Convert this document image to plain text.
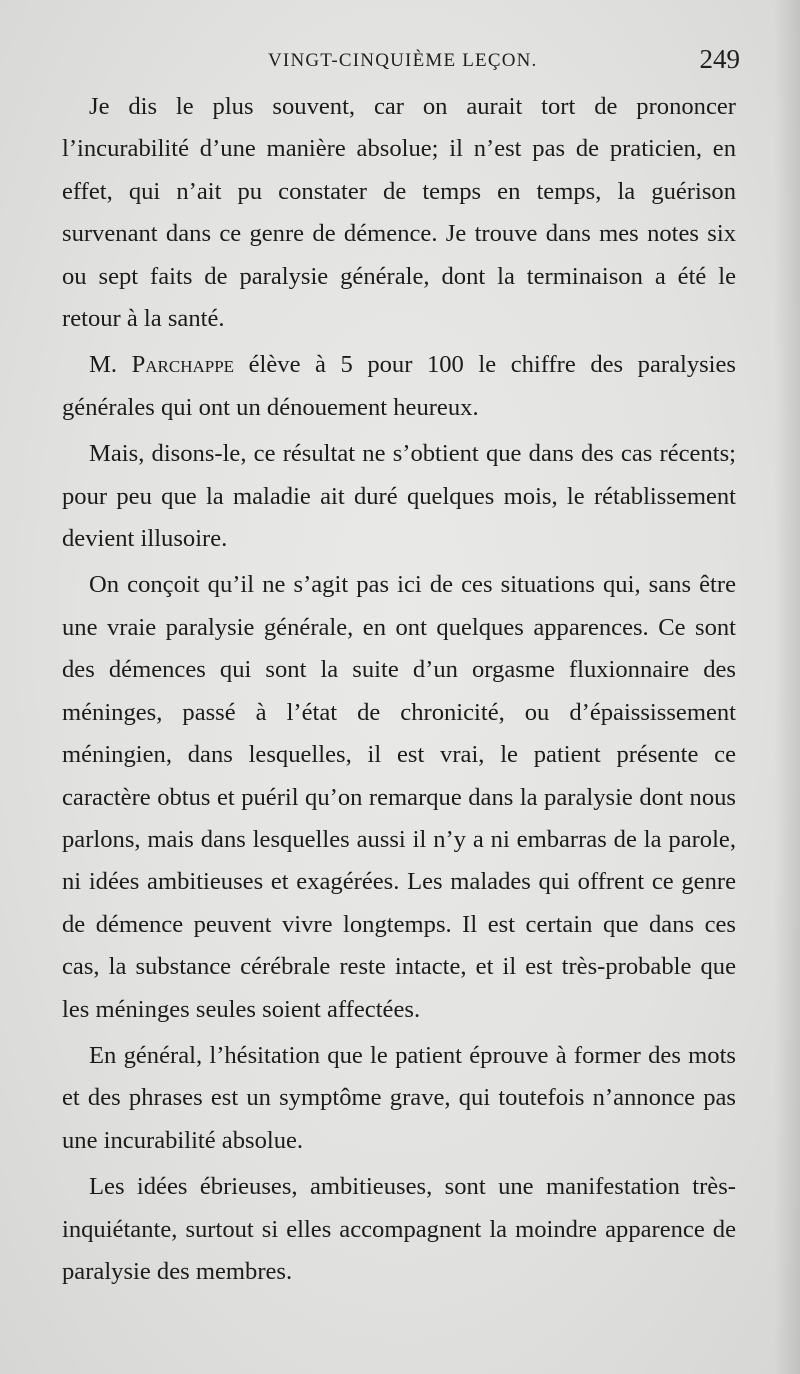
VINGT-CINQUIÈME LEÇON.	249

Je dis le plus souvent, car on aurait tort de prononcer l’incurabilité d’une manière absolue; il n’est pas de praticien, en effet, qui n’ait pu constater de temps en temps, la guérison survenant dans ce genre de démence. Je trouve dans mes notes six ou sept faits de paralysie générale, dont la terminaison a été le retour à la santé.

M. Parchappe élève à 5 pour 100 le chiffre des paralysies générales qui ont un dénouement heureux.

Mais, disons-le, ce résultat ne s’obtient que dans des cas récents; pour peu que la maladie ait duré quelques mois, le rétablissement devient illusoire.

On conçoit qu’il ne s’agit pas ici de ces situations qui, sans être une vraie paralysie générale, en ont quelques apparences. Ce sont des démences qui sont la suite d’un orgasme fluxionnaire des méninges, passé à l’état de chronicité, ou d’épaississement méningien, dans lesquelles, il est vrai, le patient présente ce caractère obtus et puéril qu’on remarque dans la paralysie dont nous parlons, mais dans lesquelles aussi il n’y a ni embarras de la parole, ni idées ambitieuses et exagérées. Les malades qui offrent ce genre de démence peuvent vivre longtemps. Il est certain que dans ces cas, la substance cérébrale reste intacte, et il est très-probable que les méninges seules soient affectées.

En général, l’hésitation que le patient éprouve à former des mots et des phrases est un symptôme grave, qui toutefois n’annonce pas une incurabilité absolue.

Les idées ébrieuses, ambitieuses, sont une manifestation très-inquiétante, surtout si elles accompagnent la moindre apparence de paralysie des membres.
